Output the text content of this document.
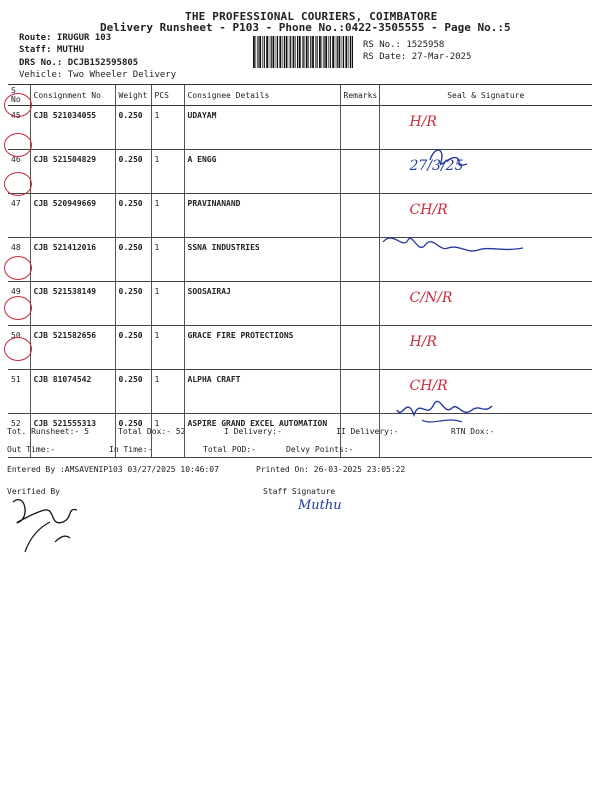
THE PROFESSIONAL COURIERS, COIMBATORE
Delivery Runsheet - P103 - Phone No.:0422-3505555 - Page No.:5
Route: IRUGUR 103
Staff: MUTHU
DRS No.: DCJB152595805
Vehicle: Two Wheeler Delivery
RS No.: 1525958
RS Date: 27-Mar-2025
S No	Consignment No	Weight	PCS	Consignee Details	Remarks	Seal & Signature
45	CJB 521034055	0.250	1	UDAYAM		H/R
46	CJB 521504829	0.250	1	A ENGG		27/3/25
47	CJB 520949669	0.250	1	PRAVINANAND		CH/R
48	CJB 521412016	0.250	1	SSNA INDUSTRIES		
49	CJB 521538149	0.250	1	SOOSAIRAJ		C/N/R
50	CJB 521582656	0.250	1	GRACE FIRE PROTECTIONS		H/R
51	CJB 81074542	0.250	1	ALPHA CRAFT		CH/R
52	CJB 521555313	0.250	1	ASPIRE GRAND EXCEL AUTOMATION		
Tot. Runsheet:- 5	Total Dox:- 52	I Delivery:-	II Delivery:-	RTN Dox:-
Out Time:-	In Time:-	Total POD:-	Delvy Points:-
Entered By :AMSAVENIP103 03/27/2025 10:46:07	Printed On: 26-03-2025 23:05:22
Verified By	Staff Signature
Muthu
